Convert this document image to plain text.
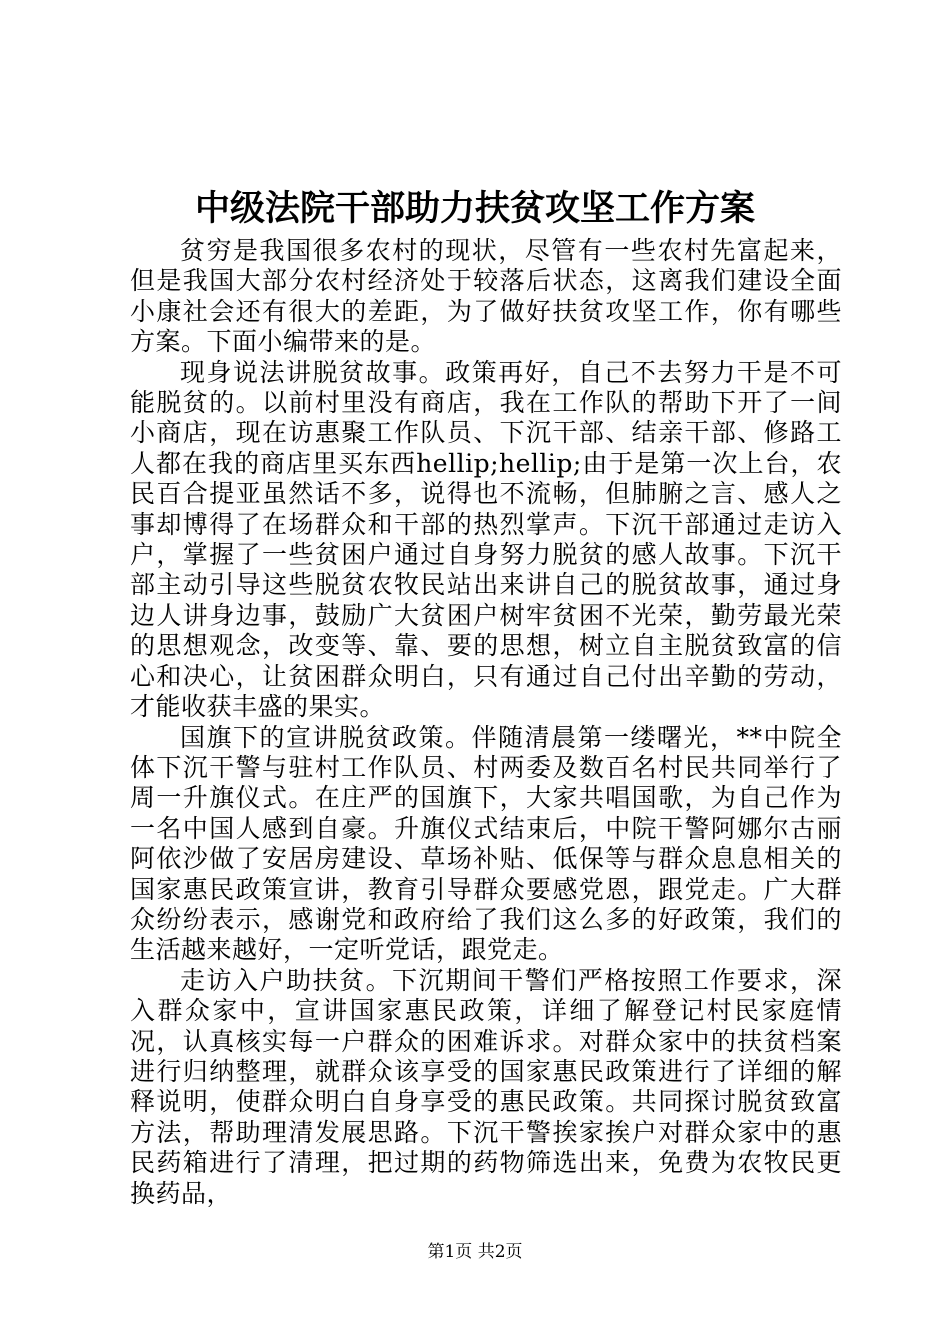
中级法院干部助力扶贫攻坚工作方案

贫穷是我国很多农村的现状，尽管有一些农村先富起来，但是我国大部分农村经济处于较落后状态，这离我们建设全面小康社会还有很大的差距，为了做好扶贫攻坚工作，你有哪些方案。下面小编带来的是。

现身说法讲脱贫故事。政策再好，自己不去努力干是不可能脱贫的。以前村里没有商店，我在工作队的帮助下开了一间小商店，现在访惠聚工作队员、下沉干部、结亲干部、修路工人都在我的商店里买东西hellip;hellip;由于是第一次上台，农民百合提亚虽然话不多，说得也不流畅，但肺腑之言、感人之事却博得了在场群众和干部的热烈掌声。下沉干部通过走访入户，掌握了一些贫困户通过自身努力脱贫的感人故事。下沉干部主动引导这些脱贫农牧民站出来讲自己的脱贫故事，通过身边人讲身边事，鼓励广大贫困户树牢贫困不光荣，勤劳最光荣的思想观念，改变等、靠、要的思想，树立自主脱贫致富的信心和决心，让贫困群众明白，只有通过自己付出辛勤的劳动，才能收获丰盛的果实。

国旗下的宣讲脱贫政策。伴随清晨第一缕曙光，**中院全体下沉干警与驻村工作队员、村两委及数百名村民共同举行了周一升旗仪式。在庄严的国旗下，大家共唱国歌，为自己作为一名中国人感到自豪。升旗仪式结束后，中院干警阿娜尔古丽阿依沙做了安居房建设、草场补贴、低保等与群众息息相关的国家惠民政策宣讲，教育引导群众要感党恩，跟党走。广大群众纷纷表示，感谢党和政府给了我们这么多的好政策，我们的生活越来越好，一定听党话，跟党走。

走访入户助扶贫。下沉期间干警们严格按照工作要求，深入群众家中，宣讲国家惠民政策，详细了解登记村民家庭情况，认真核实每一户群众的困难诉求。对群众家中的扶贫档案进行归纳整理，就群众该享受的国家惠民政策进行了详细的解释说明，使群众明白自身享受的惠民政策。共同探讨脱贫致富方法，帮助理清发展思路。下沉干警挨家挨户对群众家中的惠民药箱进行了清理，把过期的药物筛选出来，免费为农牧民更换药品，

第1页 共2页
